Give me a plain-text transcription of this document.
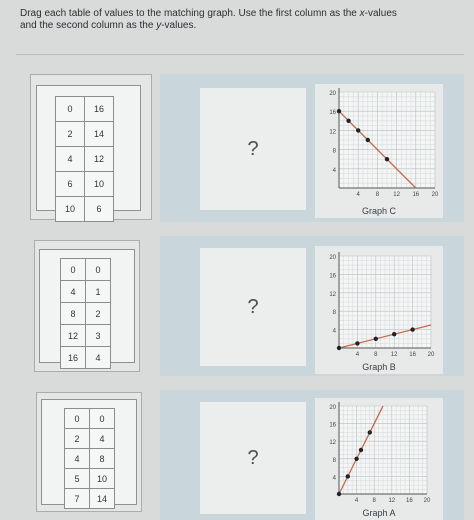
Drag each table of values to the matching graph. Use the first column as the x-values
and the second column as the y-values.
0	16
2	14
4	12
6	10
10	6
?
20
16
12
8
4
4	8 12 16 20
Graph C
0	0
4	1
8	2
12	3
16	4
?
20
16
12
8
4
4	8 12 16 20
Graph B
0	0
2	4
4	8
5	10
7	14
?
20
16
12
8
4
4 8 12 16 20
Graph A
